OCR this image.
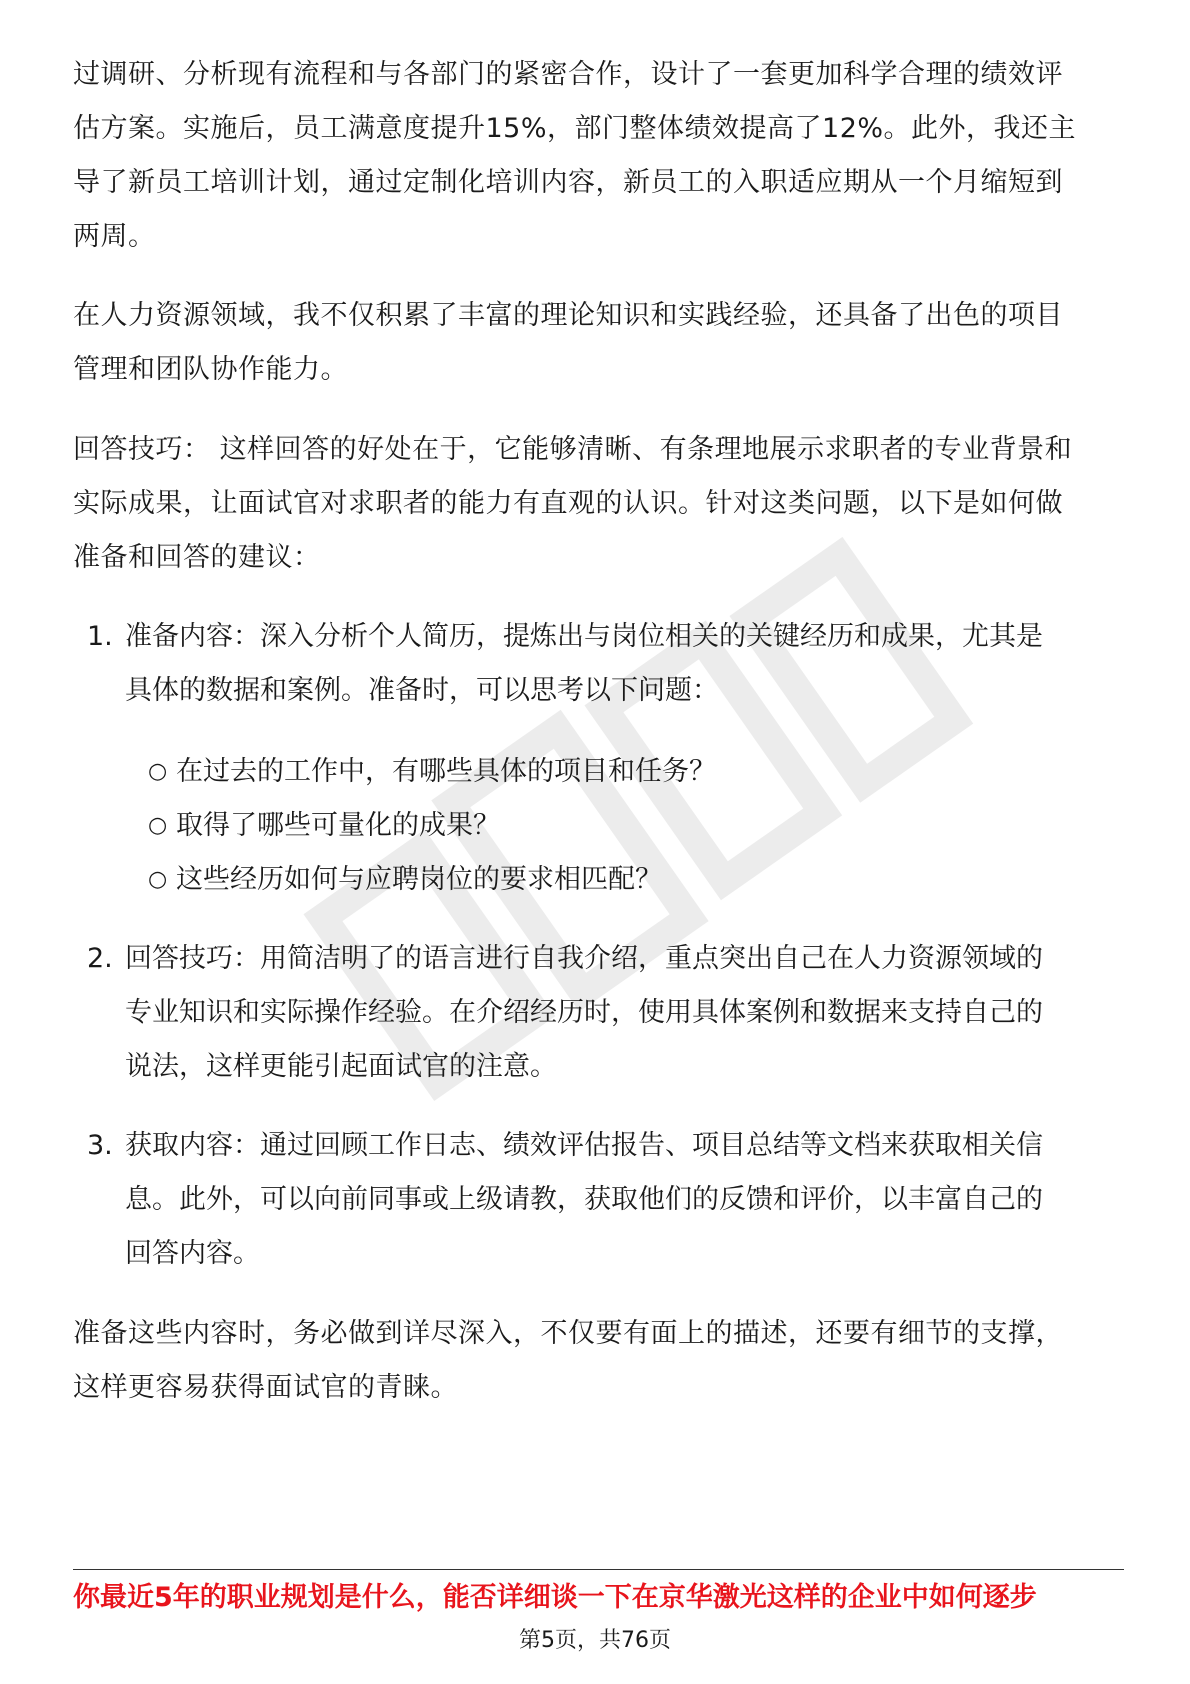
过调研、分析现有流程和与各部门的紧密合作，设计了一套更加科学合理的绩效评

估方案。实施后，员工满意度提升15%，部门整体绩效提高了12%。此外，我还主

导了新员工培训计划，通过定制化培训内容，新员工的入职适应期从一个月缩短到

两周。

在人力资源领域，我不仅积累了丰富的理论知识和实践经验，还具备了出色的项目

管理和团队协作能力。

回答技巧： 这样回答的好处在于，它能够清晰、有条理地展示求职者的专业背景和

实际成果，让面试官对求职者的能力有直观的认识。针对这类问题，以下是如何做

准备和回答的建议：

1. 准备内容：深入分析个人简历，提炼出与岗位相关的关键经历和成果，尤其是
具体的数据和案例。准备时，可以思考以下问题：
○ 在过去的工作中，有哪些具体的项目和任务？
○ 取得了哪些可量化的成果？
○ 这些经历如何与应聘岗位的要求相匹配？
2. 回答技巧：用简洁明了的语言进行自我介绍，重点突出自己在人力资源领域的
专业知识和实际操作经验。在介绍经历时，使用具体案例和数据来支持自己的
说法，这样更能引起面试官的注意。
3. 获取内容：通过回顾工作日志、绩效评估报告、项目总结等文档来获取相关信
息。此外，可以向前同事或上级请教，获取他们的反馈和评价，以丰富自己的
回答内容。

准备这些内容时，务必做到详尽深入，不仅要有面上的描述，还要有细节的支撑，

这样更容易获得面试官的青睐。

你最近5年的职业规划是什么，能否详细谈一下在京华激光这样的企业中如何逐步
第5页，共76页
